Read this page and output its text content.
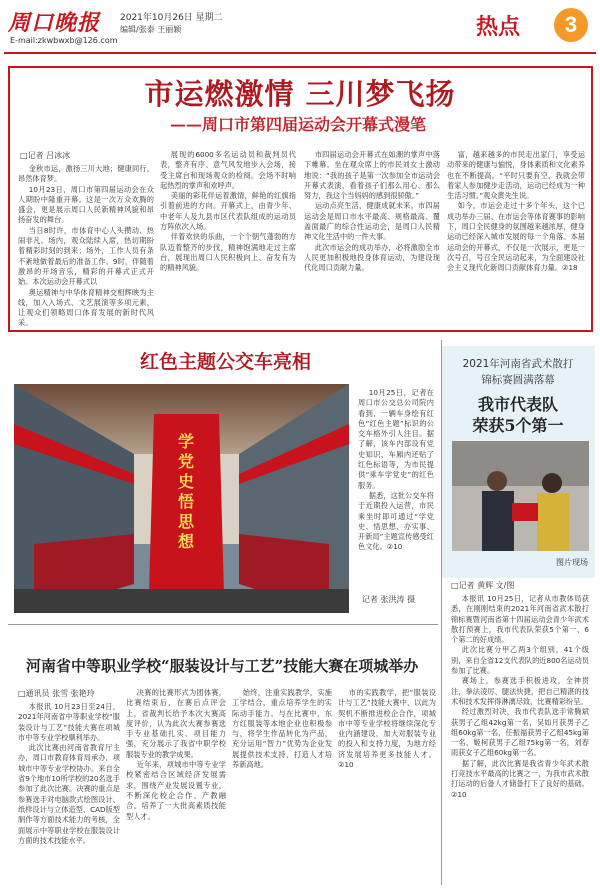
周口晚报 2021年10月26日 星期二
编辑/张泰 王丽颖
E-mail:zkwbwxb@126.com
热点	3
市运燃激情 三川梦飞扬
——周口市第四届运动会开幕式漫笔
□记者 吕冰冰

金秋市运，激扬三川大地；健康同行，昂然体育梦。

10月23日，周口市第四届运动会在众人期盼中隆重开幕。这是一次万众欢腾的盛会，更是展示周口人民新精神风貌和昂扬奋发的舞台。

当日8时许，市体育中心人头攒动、热闹非凡。场内，观众陆续入席，热切期盼着精彩时刻的到来；场外，工作人员有条不紊地做着最后的准备工作。9时，伴随着激昂的开场音乐，精彩的开幕式正式开始。本次运动会开幕式以

奥运精神与中华体育精神交相辉映为主线，加入入场式、文艺展演等多项元素，让观众们领略周口体育发展的新时代风采。

展现的6000多名运动员和裁判员代表，整齐有序、意气风发地步入会场，接受主席台和现场观众的检阅。会场不时响起热烈的掌声和欢呼声。

美丽的彩花伴运着激情，鲜艳的红旗指引着前进的方向。开幕式上，由青少年、中老年人及九县市区代表队组成的运动员方阵依次入场。

伴着欢快的乐曲，一个个朝气蓬勃的方队迈着整齐的步伐，精神饱满地走过主席台，展现出周口人民积极向上、奋发有为的精神风貌。

市四届运动会开幕式在如潮的掌声中落下帷幕。坐在观众席上的市民刘女士激动地说：“我的孩子是第一次参加全市运动会开幕式表演，看着孩子们那么用心、那么努力，我这个当妈妈的感到很骄傲。”

运动点亮生活，健康成就未来。市四届运动会是周口市水平最高、规格最高、覆盖面最广的综合性运动会，是周口人民精神文化生活中的一件大事。

此次市运会的成功举办，必将激励全市人民更加积极地投身体育运动，为建设现代化周口贡献力量。

富，越来越多的市民走出家门，享受运动带来的健康与愉悦，身体素质和文化素养也在不断提高。“平时只要有空，我就会带着家人参加健步走活动，运动已经成为一种生活习惯。”观众黄先生说。

如今，市运会走过十多个年头，这个已成功举办三届、在市运会等体育赛事的影响下，周口全民健身的氛围越来越浓厚，健身运动已经深入城市发展的每一个角落。本届运动会的开幕式，不仅是一次展示，更是一次号召，号召全民运动起来，为全面建设社会主义现代化新周口贡献体育力量。②18

红色主题公交车亮相
学党史 悟思想

10月25日，记者在周口市公交总公司院内看到，一辆车身绘有红色“红色主题”标识的公交车格外引人注目。据了解，该车内部设有党史知识、车厢内还贴了红色标语等，为市民提供“乘车学党史”的红色服务。

据悉，这批公交车将于近期投入运营，市民乘坐时即可通过“学党史、悟思想、办实事、开新局”主题宣传感受红色文化。②10

记者 张洪涛 摄
2021年河南省武术散打
锦标赛圆满落幕
我市代表队
荣获5个第一
图片现场
□记者 黄辉 文/图

本报讯 10月25日，记者从市教体局获悉，在刚刚结束的2021年河南省武术散打锦标赛暨河南省第十四届运动会青少年武术散打预赛上，我市代表队荣获5个第一、6个第二的好成绩。

此次比赛分甲乙两3个组别，41个级别，来自全省12支代表队的近800名运动员参加了比赛。

赛场上，参赛选手积极进攻，全神贯注，拳法凌厉、腿法快捷，把自己精湛的技术和技术发挥得淋漓尽致，比赛精彩纷呈。

经过激烈对决，我市代表队选手常腾斌获男子乙组42kg第一名，吴如月获男子乙组60kg第一名，任振福获男子乙组45kg第一名，姬柯获男子乙组75kg第一名，刘春雨获女子乙组60kg第一名。

据了解，此次比赛是我省青少年武术散打竞技水平最高的比赛之一，为我市武术散打运动的后备人才储备打下了良好的基础。②10

河南省中等职业学校“服装设计与工艺”技能大赛在项城举办
□通讯员 张雪 张艳玲

本报讯 10月23日至24日，2021年河南省中等职业学校“服装设计与工艺”技能大赛在项城市中等专业学校顺利举办。

此次比赛由河南省教育厅主办，周口市教育体育局承办，项城市中等专业学校协办。来自全省9个地市10所学校的20名选手参加了此次比赛。决赛的重点是参赛选手对电脑款式绘图设计、纸样设计与立体造型、CAD版型制作等方面技术能力的考核，全面展示中等职业学校在服装设计方面的技术技能水平。

决赛的比赛形式为团体赛，比赛结束后，在赛后点评会上，省裁判长给予本次大赛高度评价，认为此次大赛参赛选手专业基础扎实、项目能力强，充分展示了我省中职学校服装专业的教学成果。

近年来，项城市中等专业学校紧密结合区域经济发展需求，围绕产业发展设置专业，不断深化校企合作、产教融合，培养了一大批高素质技能型人才。

始终，注重实践教学，实施工学结合，重点培养学生的实际动手能力。与在比赛中，东方红服装等本地企业也积极参与，将学生作品转化为产品，充分运用“智力”优势为企业发展提供技术支持，打造人才培养新高地。

市的实践教学，把“服装设计与工艺”技能大赛中，以此为契机不断推进校企合作，项城市中等专业学校将继续深化专业内涵建设，加大对服装专业的投入和支持力度，为地方经济发展培养更多技能人才。②10
